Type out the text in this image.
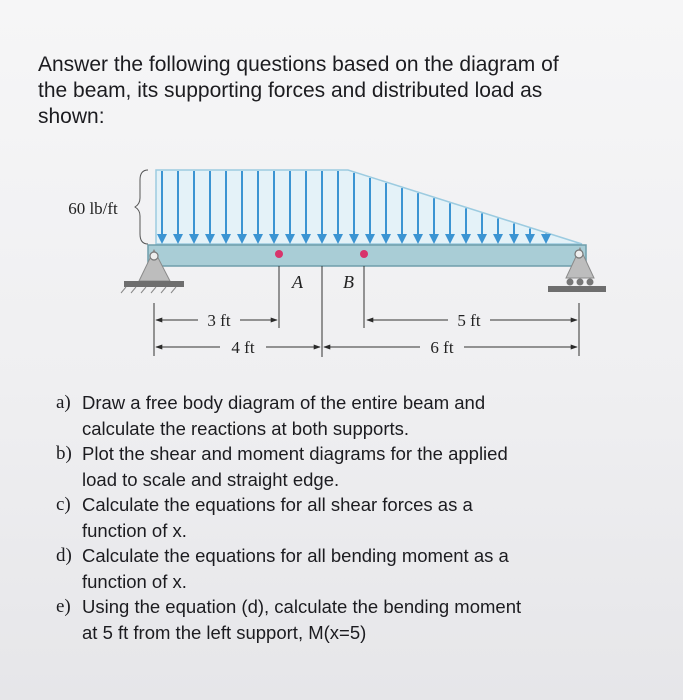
Answer the following questions based on the diagram of
the beam, its supporting forces and distributed load as
shown:
60 lb/ft
A B
3 ft	5 ft
4 ft	6 ft
a) Draw a free body diagram of the entire beam and
calculate the reactions at both supports.
b) Plot the shear and moment diagrams for the applied
load to scale and straight edge.
c) Calculate the equations for all shear forces as a
function of x.
d) Calculate the equations for all bending moment as a
function of x.
e) Using the equation (d), calculate the bending moment
at 5 ft from the left support, M(x=5)
